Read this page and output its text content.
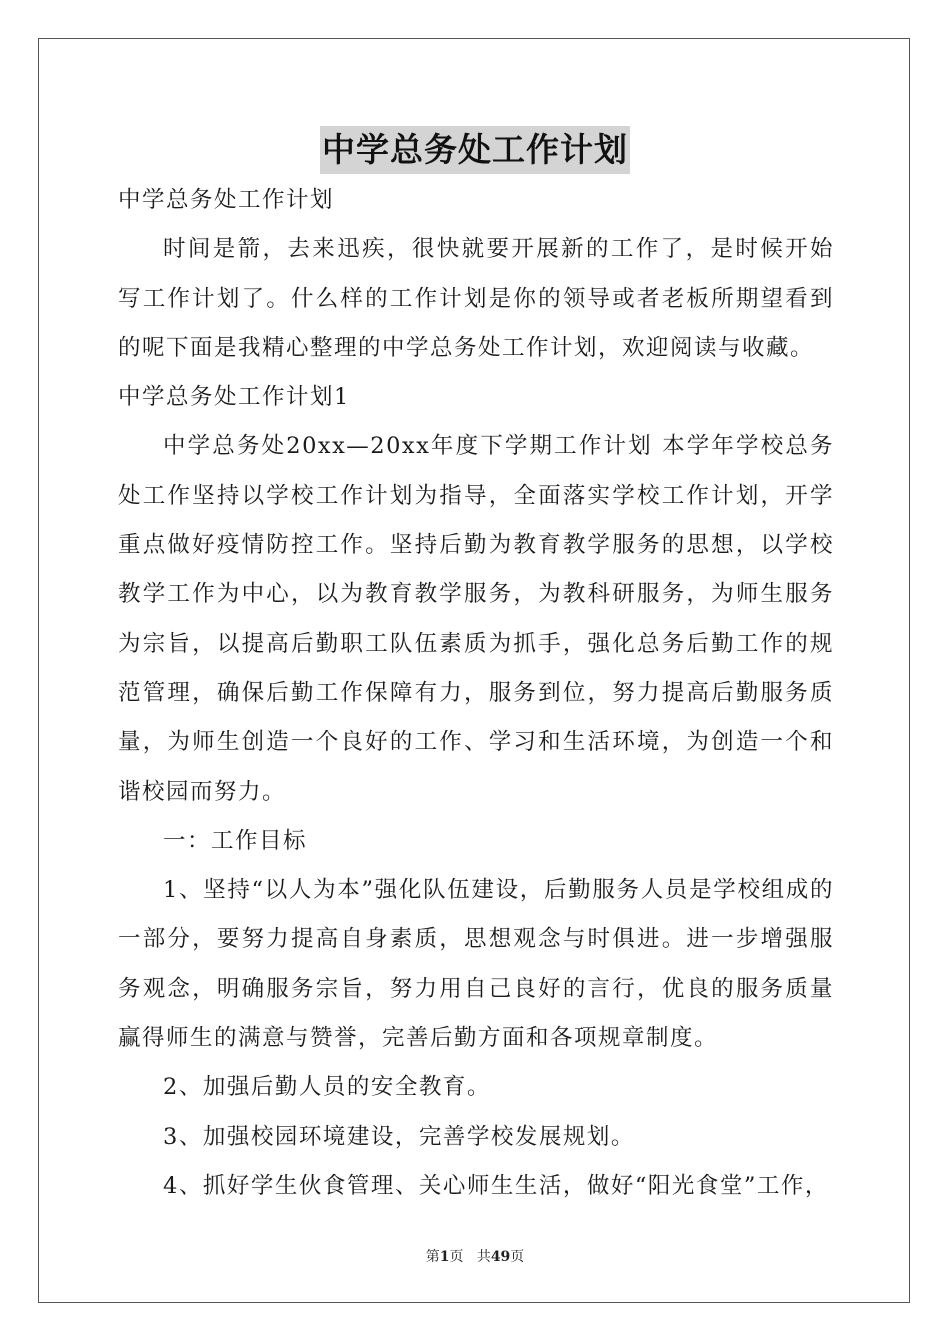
中学总务处工作计划

中学总务处工作计划

时间是箭，去来迅疾，很快就要开展新的工作了，是时候开始写工作计划了。什么样的工作计划是你的领导或者老板所期望看到的呢下面是我精心整理的中学总务处工作计划，欢迎阅读与收藏。

中学总务处工作计划1

中学总务处20xx—20xx年度下学期工作计划 本学年学校总务处工作坚持以学校工作计划为指导，全面落实学校工作计划，开学重点做好疫情防控工作。坚持后勤为教育教学服务的思想，以学校教学工作为中心，以为教育教学服务，为教科研服务，为师生服务为宗旨，以提高后勤职工队伍素质为抓手，强化总务后勤工作的规范管理，确保后勤工作保障有力，服务到位，努力提高后勤服务质量，为师生创造一个良好的工作、学习和生活环境，为创造一个和谐校园而努力。

一：工作目标

1、坚持“以人为本”强化队伍建设，后勤服务人员是学校组成的一部分，要努力提高自身素质，思想观念与时俱进。进一步增强服务观念，明确服务宗旨，努力用自己良好的言行，优良的服务质量赢得师生的满意与赞誉，完善后勤方面和各项规章制度。

2、加强后勤人员的安全教育。

3、加强校园环境建设，完善学校发展规划。

4、抓好学生伙食管理、关心师生生活，做好“阳光食堂”工作，

第1页 共49页
